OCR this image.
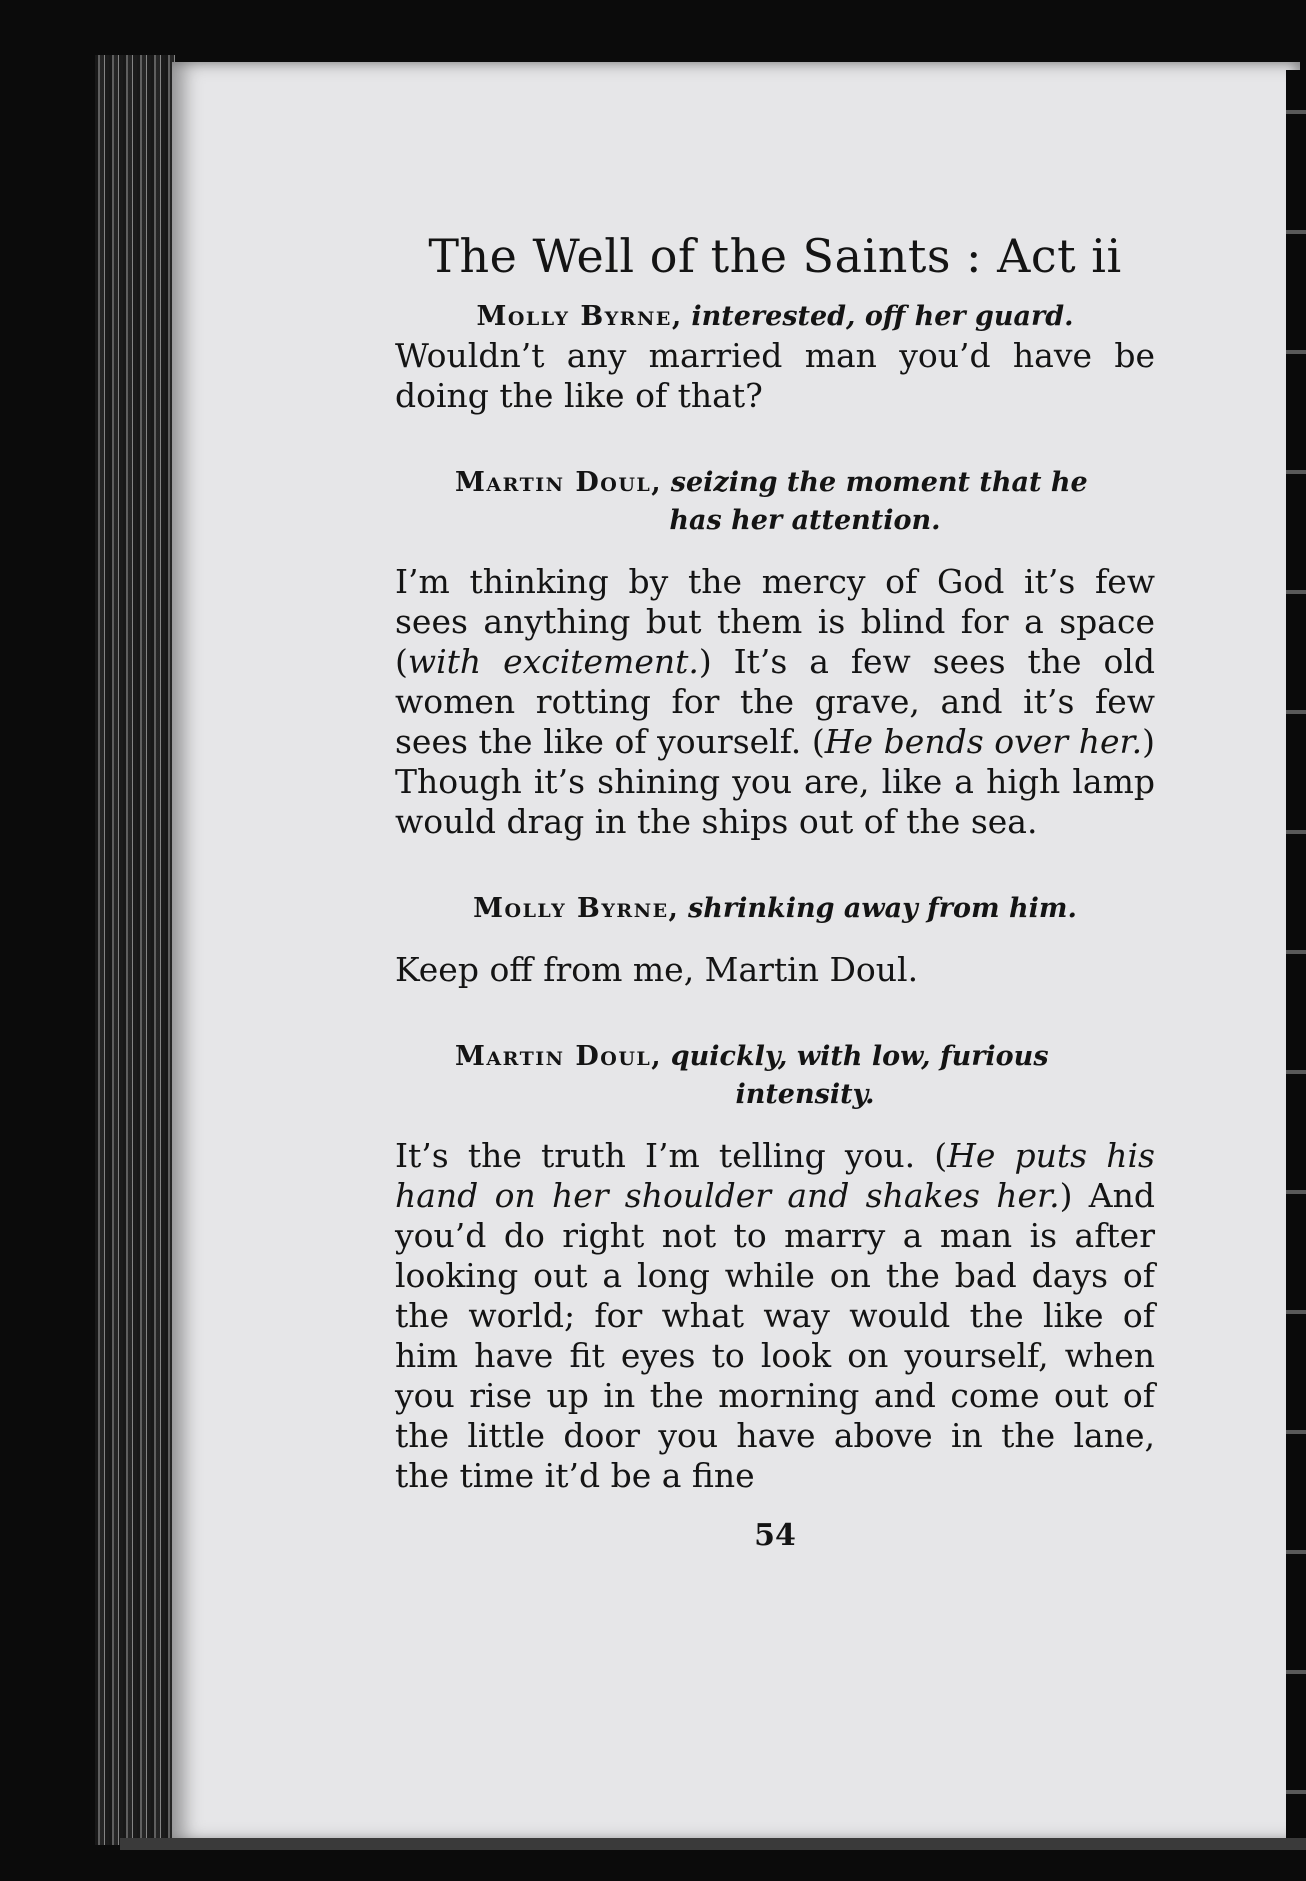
The Well of the Saints : Act ii

Molly Byrne, interested, off her guard.

Wouldn’t any married man you’d have be doing the like of that?

Martin Doul, seizing the moment that he
has her attention.

I’m thinking by the mercy of God it’s few sees anything but them is blind for a space (with excitement.) It’s a few sees the old women rotting for the grave, and it’s few sees the like of yourself. (He bends over her.) Though it’s shining you are, like a high lamp would drag in the ships out of the sea.

Molly Byrne, shrinking away from him.

Keep off from me, Martin Doul.

Martin Doul, quickly, with low, furious
intensity.

It’s the truth I’m telling you. (He puts his hand on her shoulder and shakes her.) And you’d do right not to marry a man is after looking out a long while on the bad days of the world; for what way would the like of him have fit eyes to look on yourself, when you rise up in the morning and come out of the little door you have above in the lane, the time it’d be a fine

54
